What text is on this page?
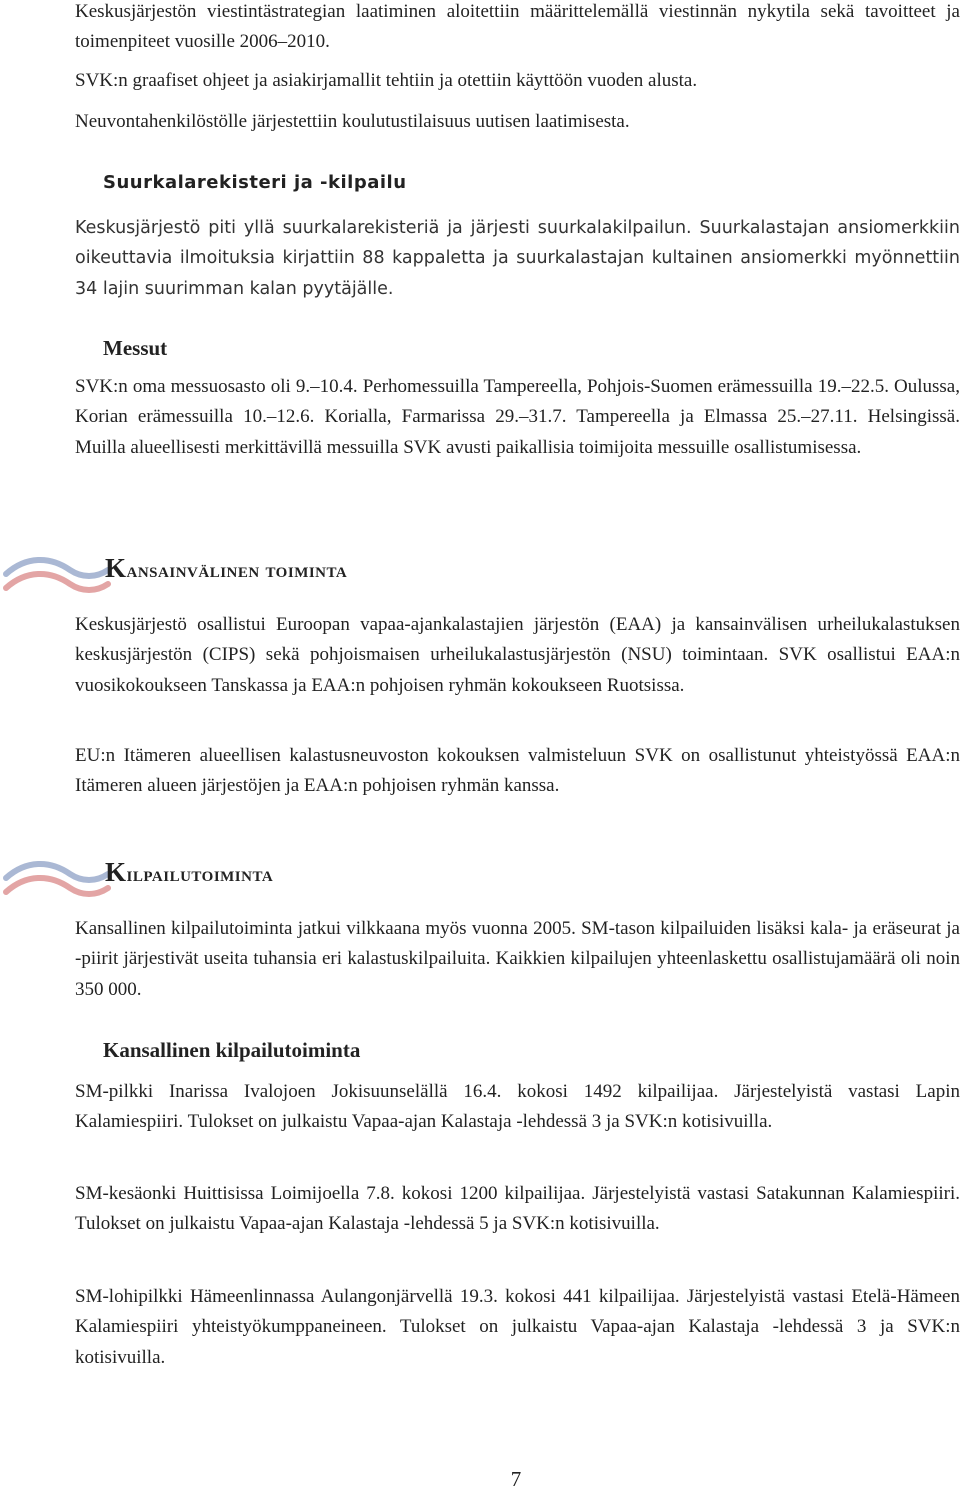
Keskusjärjestön viestintästrategian laatiminen aloitettiin määrittelemällä viestinnän nykytila sekä tavoitteet ja toimenpiteet vuosille 2006–2010.

SVK:n graafiset ohjeet ja asiakirjamallit tehtiin ja otettiin käyttöön vuoden alusta.

Neuvontahenkilöstölle järjestettiin koulutustilaisuus uutisen laatimisesta.

Suurkalarekisteri ja -kilpailu

Keskusjärjestö piti yllä suurkalarekisteriä ja järjesti suurkalakilpailun. Suurkalastajan ansiomerkkiin oikeuttavia ilmoituksia kirjattiin 88 kappaletta ja suurkalastajan kultainen ansiomerkki myönnettiin 34 lajin suurimman kalan pyytäjälle.

Messut

SVK:n oma messuosasto oli 9.–10.4. Perhomessuilla Tampereella, Pohjois-Suomen erämessuilla 19.–22.5. Oulussa, Korian erämessuilla 10.–12.6. Korialla, Farmarissa 29.–31.7. Tampereella ja Elmassa 25.–27.11. Helsingissä. Muilla alueellisesti merkittävillä messuilla SVK avusti paikallisia toimijoita messuille osallistumisessa.

Kansainvälinen toiminta

Keskusjärjestö osallistui Euroopan vapaa-ajankalastajien järjestön (EAA) ja kansainvälisen urheilukalastuksen keskusjärjestön (CIPS) sekä pohjoismaisen urheilukalastusjärjestön (NSU) toimintaan. SVK osallistui EAA:n vuosikokoukseen Tanskassa ja EAA:n pohjoisen ryhmän kokoukseen Ruotsissa.

EU:n Itämeren alueellisen kalastusneuvoston kokouksen valmisteluun SVK on osallistunut yhteistyössä EAA:n Itämeren alueen järjestöjen ja EAA:n pohjoisen ryhmän kanssa.

Kilpailutoiminta

Kansallinen kilpailutoiminta jatkui vilkkaana myös vuonna 2005. SM-tason kilpailuiden lisäksi kala- ja eräseurat ja -piirit järjestivät useita tuhansia eri kalastuskilpailuita. Kaikkien kilpailujen yhteenlaskettu osallistujamäärä oli noin 350 000.

Kansallinen kilpailutoiminta

SM-pilkki Inarissa Ivalojoen Jokisuunselällä 16.4. kokosi 1492 kilpailijaa. Järjestelyistä vastasi Lapin Kalamiespiiri. Tulokset on julkaistu Vapaa-ajan Kalastaja -lehdessä 3 ja SVK:n kotisivuilla.

SM-kesäonki Huittisissa Loimijoella 7.8. kokosi 1200 kilpailijaa. Järjestelyistä vastasi Satakunnan Kalamiespiiri. Tulokset on julkaistu Vapaa-ajan Kalastaja -lehdessä 5 ja SVK:n kotisivuilla.

SM-lohipilkki Hämeenlinnassa Aulangonjärvellä 19.3. kokosi 441 kilpailijaa. Järjestelyistä vastasi Etelä-Hämeen Kalamiespiiri yhteistyökumppaneineen. Tulokset on julkaistu Vapaa-ajan Kalastaja -lehdessä 3 ja SVK:n kotisivuilla.

7
